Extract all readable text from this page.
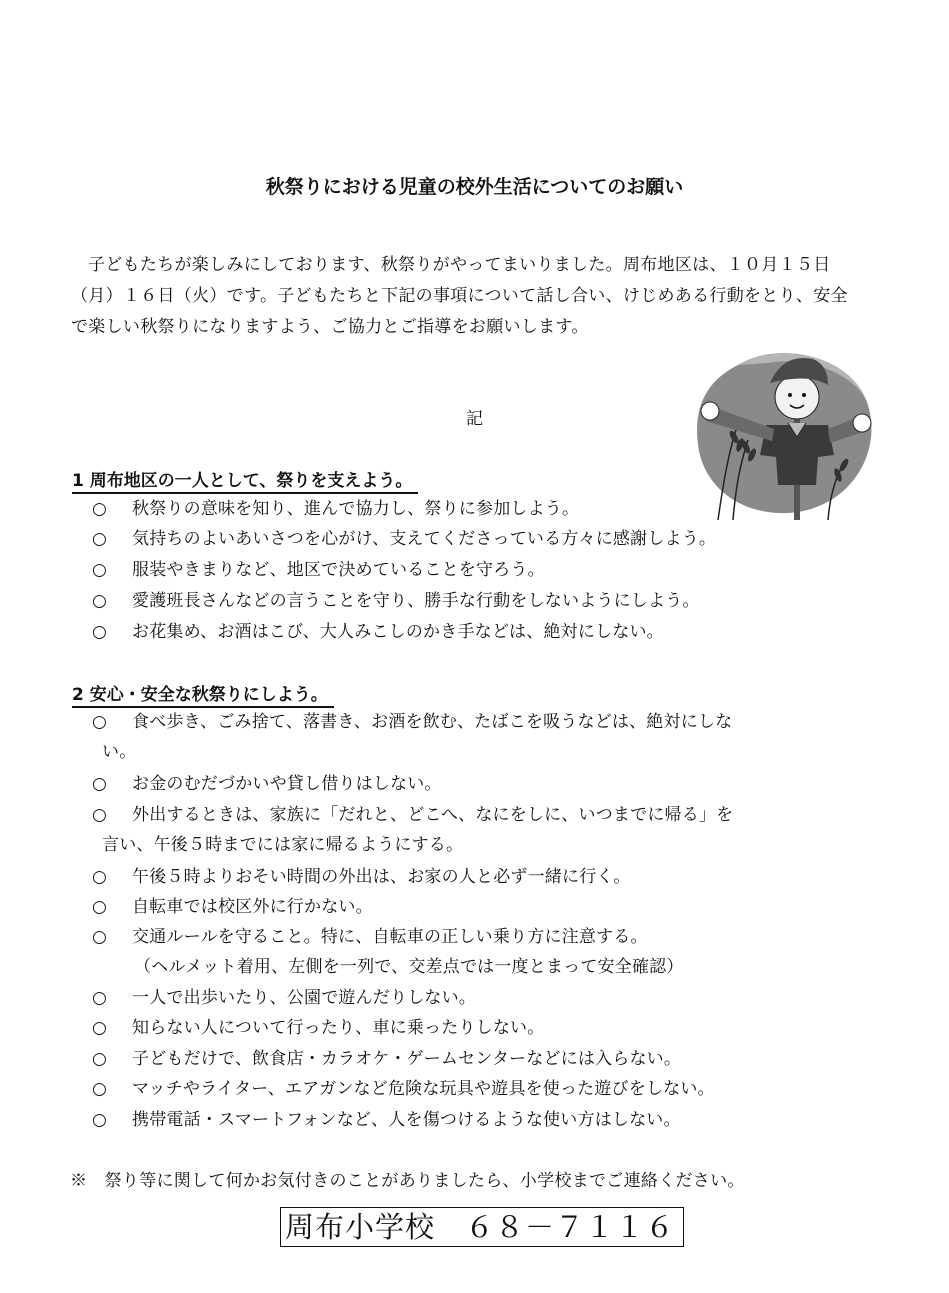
秋祭りにおける児童の校外生活についてのお願い
子どもたちが楽しみにしております、秋祭りがやってまいりました。周布地区は、１０月１５日（月）１６日（火）です。子どもたちと下記の事項について話し合い、けじめある行動をとり、安全で楽しい秋祭りになりますよう、ご協力とご指導をお願いします。
記
1 周布地区の一人として、祭りを支えよう。
○ 秋祭りの意味を知り、進んで協力し、祭りに参加しよう。
○ 気持ちのよいあいさつを心がけ、支えてくださっている方々に感謝しよう。
○ 服装やきまりなど、地区で決めていることを守ろう。
○ 愛護班長さんなどの言うことを守り、勝手な行動をしないようにしよう。
○ お花集め、お酒はこび、大人みこしのかき手などは、絶対にしない。
2 安心・安全な秋祭りにしよう。
○ 食べ歩き、ごみ捨て、落書き、お酒を飲む、たばこを吸うなどは、絶対にしな
い。
○ お金のむだづかいや貸し借りはしない。
○ 外出するときは、家族に「だれと、どこへ、なにをしに、いつまでに帰る」を
言い、午後５時までには家に帰るようにする。
○ 午後５時よりおそい時間の外出は、お家の人と必ず一緒に行く。
○ 自転車では校区外に行かない。
○ 交通ルールを守ること。特に、自転車の正しい乗り方に注意する。
（ヘルメット着用、左側を一列で、交差点では一度とまって安全確認）
○ 一人で出歩いたり、公園で遊んだりしない。
○ 知らない人について行ったり、車に乗ったりしない。
○ 子どもだけで、飲食店・カラオケ・ゲームセンターなどには入らない。
○ マッチやライター、エアガンなど危険な玩具や遊具を使った遊びをしない。
○ 携帯電話・スマートフォンなど、人を傷つけるような使い方はしない。
※　祭り等に関して何かお気付きのことがありましたら、小学校までご連絡ください。
周布小学校　６８－７１１６
